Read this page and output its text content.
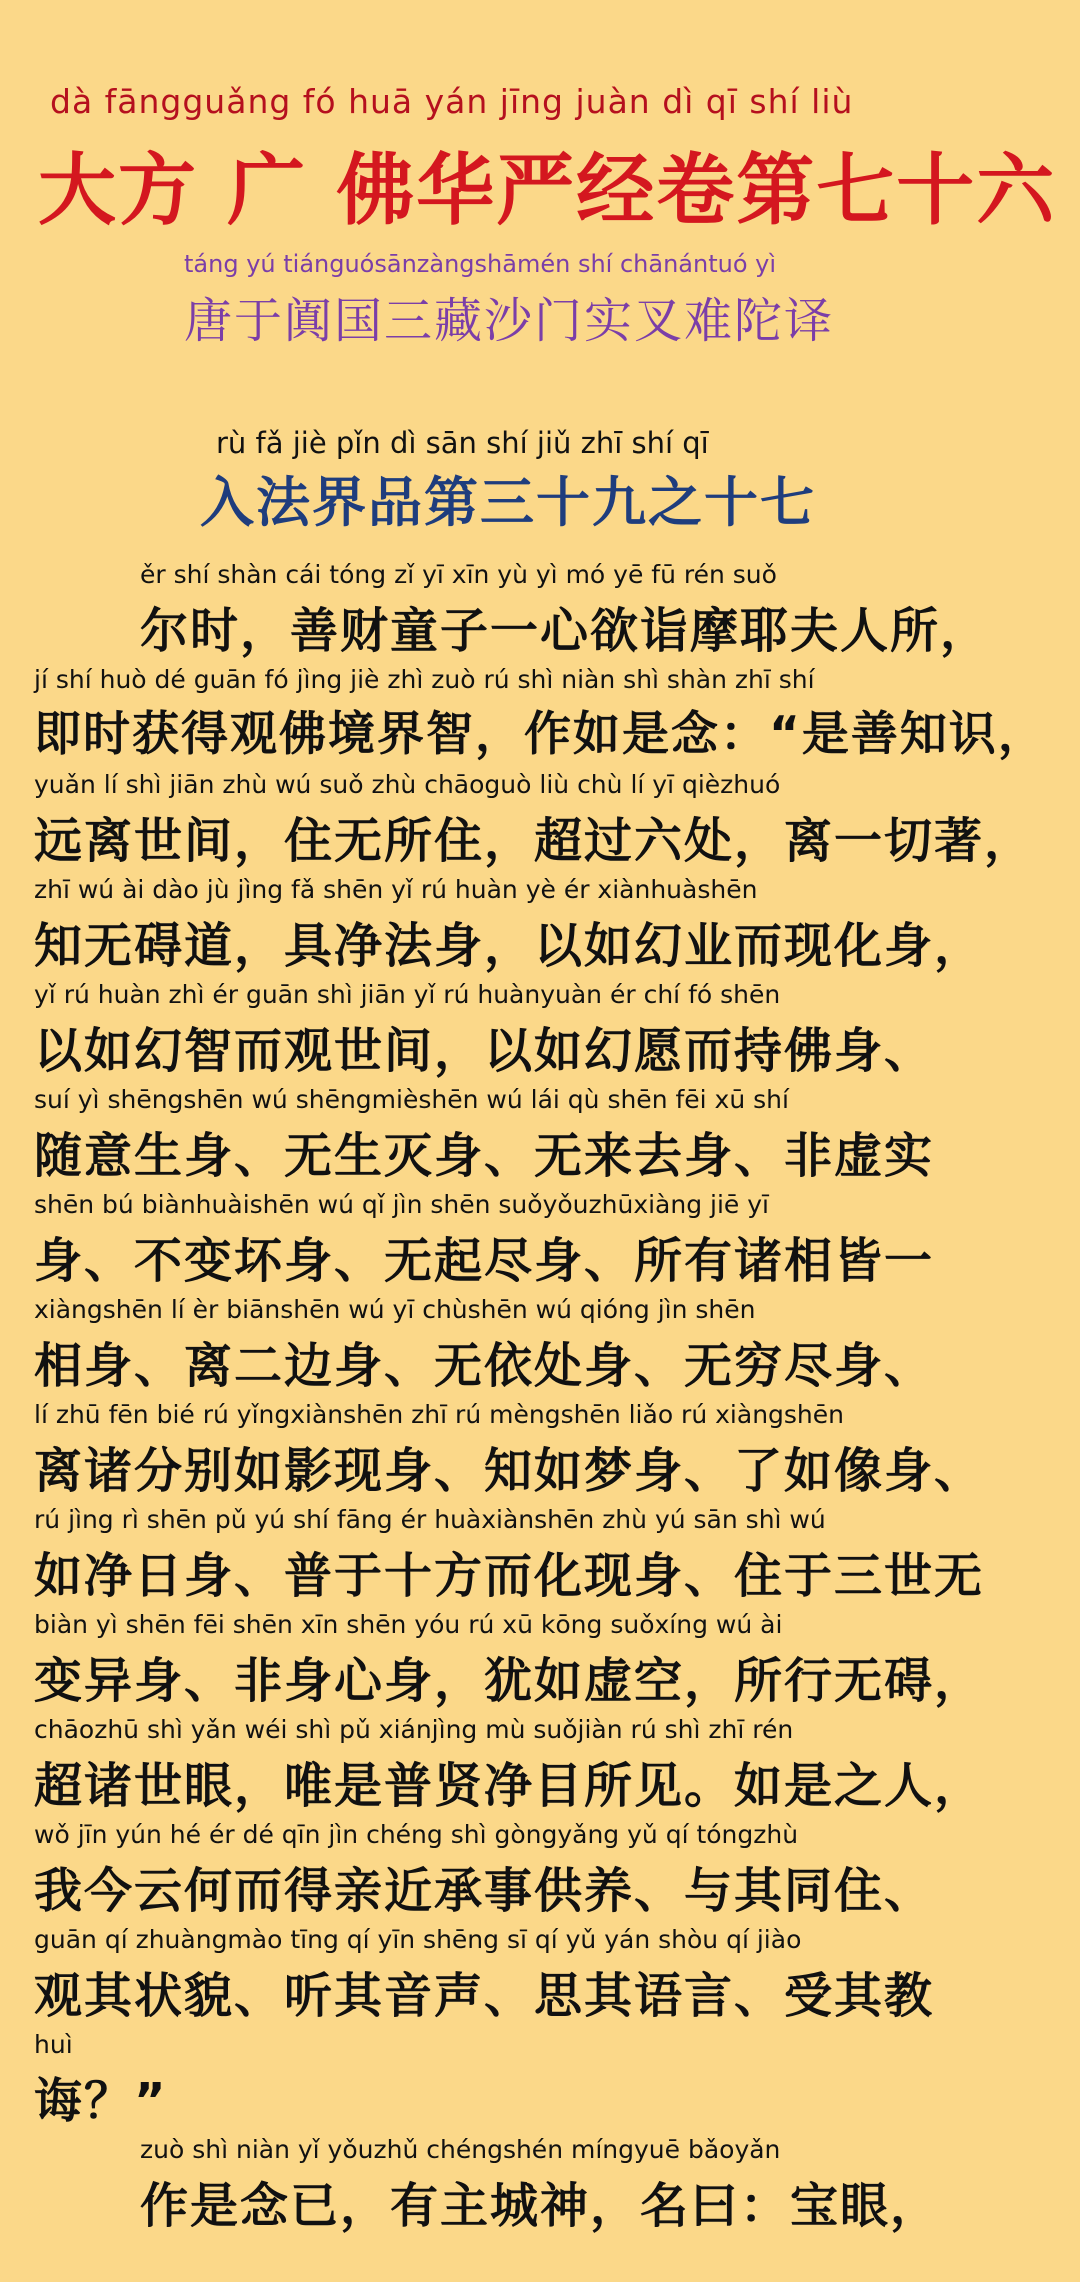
dà fāngguǎng fó huā yán jīng juàn dì qī shí liù

大方 广 佛华严经卷第七十六

táng yú tiánguósānzàngshāmén shí chānántuó yì

唐于阗国三藏沙门实叉难陀译

rù fǎ jiè pǐn dì sān shí jiǔ zhī shí qī

入法界品第三十九之十七

ěr shí shàn cái tóng zǐ yī xīn yù yì mó yē fū rén suǒ

尔时，善财童子一心欲诣摩耶夫人所，

jí shí huò dé guān fó jìng jiè zhì zuò rú shì niàn shì shàn zhī shí

即时获得观佛境界智，作如是念：“是善知识，

yuǎn lí shì jiān zhù wú suǒ zhù chāoguò liù chù lí yī qièzhuó

远离世间，住无所住，超过六处，离一切著，

zhī wú ài dào jù jìng fǎ shēn yǐ rú huàn yè ér xiànhuàshēn

知无碍道，具净法身，以如幻业而现化身，

yǐ rú huàn zhì ér guān shì jiān yǐ rú huànyuàn ér chí fó shēn

以如幻智而观世间，以如幻愿而持佛身、

suí yì shēngshēn wú shēngmièshēn wú lái qù shēn fēi xū shí

随意生身、无生灭身、无来去身、非虚实

shēn bú biànhuàishēn wú qǐ jìn shēn suǒyǒuzhūxiàng jiē yī

身、不变坏身、无起尽身、所有诸相皆一

xiàngshēn lí èr biānshēn wú yī chùshēn wú qióng jìn shēn

相身、离二边身、无依处身、无穷尽身、

lí zhū fēn bié rú yǐngxiànshēn zhī rú mèngshēn liǎo rú xiàngshēn

离诸分别如影现身、知如梦身、了如像身、

rú jìng rì shēn pǔ yú shí fāng ér huàxiànshēn zhù yú sān shì wú

如净日身、普于十方而化现身、住于三世无

biàn yì shēn fēi shēn xīn shēn yóu rú xū kōng suǒxíng wú ài

变异身、非身心身，犹如虚空，所行无碍，

chāozhū shì yǎn wéi shì pǔ xiánjìng mù suǒjiàn rú shì zhī rén

超诸世眼，唯是普贤净目所见。如是之人，

wǒ jīn yún hé ér dé qīn jìn chéng shì gòngyǎng yǔ qí tóngzhù

我今云何而得亲近承事供养、与其同住、

guān qí zhuàngmào tīng qí yīn shēng sī qí yǔ yán shòu qí jiào

观其状貌、听其音声、思其语言、受其教

huì

诲？”

zuò shì niàn yǐ yǒuzhǔ chéngshén míngyuē bǎoyǎn

作是念已，有主城神，名曰：宝眼，
